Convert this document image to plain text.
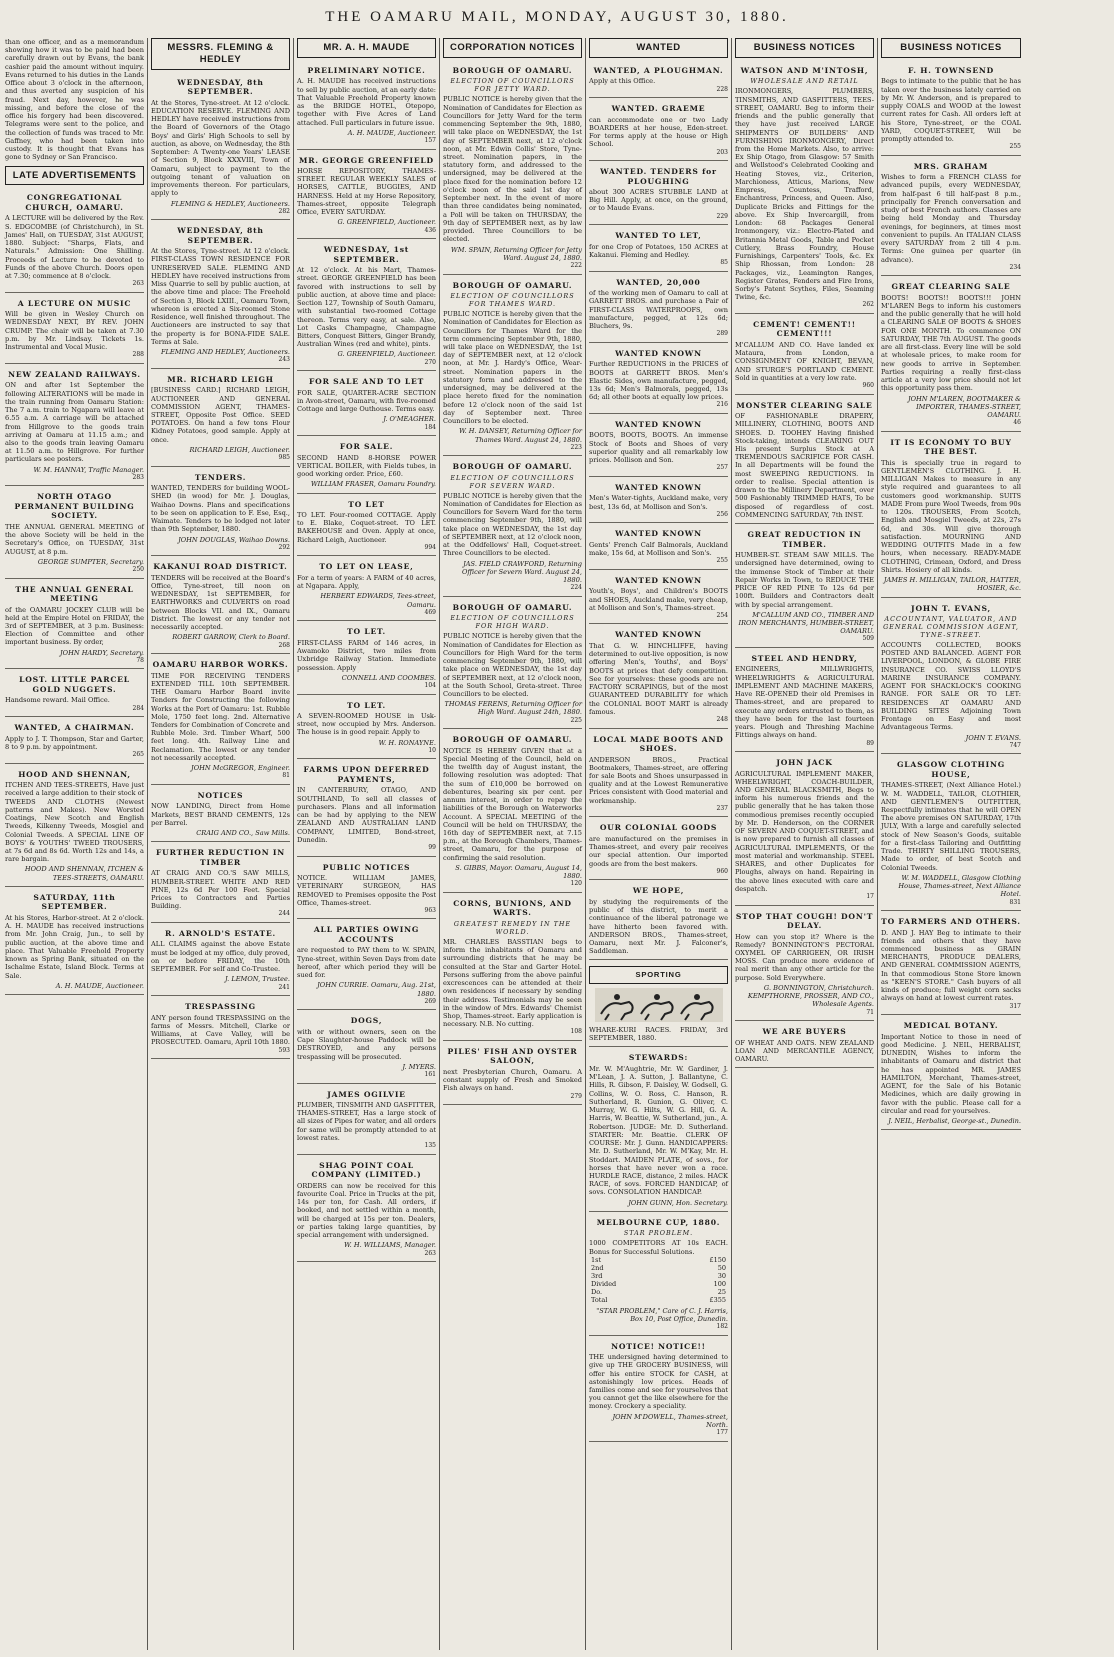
THE OAMARU MAIL, MONDAY, AUGUST 30, 1880.

than one officer, and as a memorandum showing how it was to be paid had been carefully drawn out by Evans, the bank cashier paid the amount without inquiry. Evans returned to his duties in the Lands Office about 3 o'clock in the afternoon, and thus averted any suspicion of his fraud. Next day, however, he was missing, and before the close of the office his forgery had been discovered. Telegrams were sent to the police, and the collection of funds was traced to Mr. Gaffney, who had been taken into custody. It is thought that Evans has gone to Sydney or San Francisco.

LATE ADVERTISEMENTS
CONGREGATIONAL CHURCH, OAMARU.
A LECTURE will be delivered by the Rev. S. EDGCOMBE (of Christchurch), in St. James' Hall, on TUESDAY, 31st AUGUST, 1880. Subject: "Sharps, Flats, and Naturals." Admission: One Shilling. Proceeds of Lecture to be devoted to Funds of the above Church. Doors open at 7.30; commence at 8 o'clock.
263
A LECTURE ON MUSIC
Will be given in Wesley Church on WEDNESDAY NEXT, BY REV. JOHN CRUMP. The chair will be taken at 7.30 p.m. by Mr. Lindsay. Tickets 1s. Instrumental and Vocal Music.
288
NEW ZEALAND RAILWAYS.
ON and after 1st September the following ALTERATIONS will be made in the train running from Oamaru Station: The 7 a.m. train to Ngapara will leave at 6.55 a.m. A carriage will be attached from Hillgrove to the goods train arriving at Oamaru at 11.15 a.m.; and also to the goods train leaving Oamaru at 11.50 a.m. to Hillgrove. For further particulars see posters.
W. M. HANNAY, Traffic Manager.
283
NORTH OTAGO PERMANENT BUILDING SOCIETY.
THE ANNUAL GENERAL MEETING of the above Society will be held in the Secretary's Office, on TUESDAY, 31st AUGUST, at 8 p.m.
GEORGE SUMPTER, Secretary.
250
THE ANNUAL GENERAL MEETING
of the OAMARU JOCKEY CLUB will be held at the Empire Hotel on FRIDAY, the 3rd of SEPTEMBER, at 3 p.m. Business: Election of Committee and other important business. By order,
JOHN HARDY, Secretary.
78
LOST. LITTLE PARCEL GOLD NUGGETS.
Handsome reward. Mail Office.
284
WANTED, A CHAIRMAN.
Apply to J. T. Thompson, Star and Garter, 8 to 9 p.m. by appointment.
265
HOOD AND SHENNAN,
ITCHEN AND TEES-STREETS, Have just received a large addition to their stock of TWEEDS AND CLOTHS (Newest patterns and Makes). New Worsted Coatings, New Scotch and English Tweeds, Kilkenny Tweeds, Mosgiel and Colonial Tweeds. A SPECIAL LINE OF BOYS' & YOUTHS' TWEED TROUSERS, at 7s 6d and 8s 6d. Worth 12s and 14s, a rare bargain.
HOOD AND SHENNAN, ITCHEN & TEES-STREETS, OAMARU.
SATURDAY, 11th SEPTEMBER.
At his Stores, Harbor-street. At 2 o'clock. A. H. MAUDE has received instructions from Mr. John Craig, Jun., to sell by public auction, at the above time and place. That Valuable Freehold Property known as Spring Bank, situated on the Ischalme Estate, Island Block. Terms at Sale.
A. H. MAUDE, Auctioneer.
MESSRS. FLEMING & HEDLEY
WEDNESDAY, 8th SEPTEMBER.
At the Stores, Tyne-street. At 12 o'clock. EDUCATION RESERVE. FLEMING AND HEDLEY have received instructions from the Board of Governors of the Otago Boys' and Girls' High Schools to sell by auction, as above, on Wednesday, the 8th September: A Twenty-one Years' LEASE of Section 9, Block XXXVIII, Town of Oamaru, subject to payment to the outgoing tenant of valuation on improvements thereon. For particulars, apply to
FLEMING & HEDLEY, Auctioneers.
282
WEDNESDAY, 8th SEPTEMBER.
At the Stores, Tyne-street. At 12 o'clock. FIRST-CLASS TOWN RESIDENCE FOR UNRESERVED SALE. FLEMING AND HEDLEY have received instructions from Miss Quarrie to sell by public auction, at the above time and place: The Freehold of Section 3, Block LXIII., Oamaru Town, whereon is erected a Six-roomed Stone Residence, well finished throughout. The Auctioneers are instructed to say that the property is for BONA-FIDE SALE. Terms at Sale.
FLEMING AND HEDLEY, Auctioneers.
243
MR. RICHARD LEIGH
[BUSINESS CARD.] RICHARD LEIGH, AUCTIONEER AND GENERAL COMMISSION AGENT, THAMES-STREET, Opposite Post Office. SEED POTATOES. On hand a few tons Flour Kidney Potatoes, good sample. Apply at once.
RICHARD LEIGH, Auctioneer.
985
TENDERS.
WANTED, TENDERS for building WOOL-SHED (in wood) for Mr. J. Douglas, Waihao Downs. Plans and specifications to be seen on application to F. Ese, Esq., Waimate. Tenders to be lodged not later than 9th September, 1880.
JOHN DOUGLAS, Waihao Downs.
292
KAKANUI ROAD DISTRICT.
TENDERS will be received at the Board's Office, Tyne-street, till noon on WEDNESDAY, 1st SEPTEMBER, for EARTHWORKS and CULVERTS on road between Blocks VII. and IX., Oamaru District. The lowest or any tender not necessarily accepted.
ROBERT GARROW, Clerk to Board.
268
OAMARU HARBOR WORKS.
TIME FOR RECEIVING TENDERS EXTENDED TILL 10th SEPTEMBER. THE Oamaru Harbor Board invite Tenders for Constructing the following Works at the Port of Oamaru: 1st. Rubble Mole, 1750 feet long. 2nd. Alternative Tenders for Combination of Concrete and Rubble Mole. 3rd. Timber Wharf, 500 feet long. 4th. Railway Line and Reclamation. The lowest or any tender not necessarily accepted.
JOHN McGREGOR, Engineer.
81
NOTICES
NOW LANDING, Direct from Home Markets, BEST BRAND CEMENTS, 12s per Barrel.
CRAIG AND CO., Saw Mills.
FURTHER REDUCTION IN TIMBER
AT CRAIG AND CO.'S SAW MILLS, HUMBER-STREET. WHITE AND RED PINE, 12s 6d Per 100 Feet. Special Prices to Contractors and Parties Building.
244
R. ARNOLD'S ESTATE.
ALL CLAIMS against the above Estate must be lodged at my office, duly proved, on or before FRIDAY, the 10th SEPTEMBER. For self and Co-Trustee.
J. LEMON, Trustee.
241
TRESPASSING
ANY person found TRESPASSING on the farms of Messrs. Mitchell, Clarke or Williams, at Cave Valley, will be PROSECUTED. Oamaru, April 10th 1880.
593
MR. A. H. MAUDE
PRELIMINARY NOTICE.
A. H. MAUDE has received instructions to sell by public auction, at an early date: That Valuable Freehold Property known as the BRIDGE HOTEL, Otepopo, together with Five Acres of Land attached. Full particulars in future issue.
A. H. MAUDE, Auctioneer.
157
MR. GEORGE GREENFIELD
HORSE REPOSITORY, THAMES-STREET. REGULAR WEEKLY SALES of HORSES, CATTLE, BUGGIES, AND HARNESS. Held at my Horse Repository, Thames-street, opposite Telegraph Office, EVERY SATURDAY.
G. GREENFIELD, Auctioneer.
436
WEDNESDAY, 1st SEPTEMBER.
At 12 o'clock. At his Mart, Thames-street. GEORGE GREENFIELD has been favored with instructions to sell by public auction, at above time and place: Section 127, Township of South Oamaru, with substantial two-roomed Cottage thereon. Terms very easy, at sale. Also, Lot Casks Champagne, Champagne Bitters, Conquest Bitters, Ginger Brandy, Australian Wines (red and white), pints.
G. GREENFIELD, Auctioneer.
270
FOR SALE AND TO LET
FOR SALE, QUARTER-ACRE SECTION in Avon-street, Oamaru, with five-roomed Cottage and large Outhouse. Terms easy.
J. O'MEAGHER.
184
FOR SALE.
SECOND HAND 8-HORSE POWER VERTICAL BOILER, with Fields tubes, in good working order. Price, £60.
WILLIAM FRASER, Oamaru Foundry.
TO LET
TO LET. Four-roomed COTTAGE. Apply to E. Blake, Coquet-street. TO LET. BAKEHOUSE and Oven. Apply at once, Richard Leigh, Auctioneer.
994
TO LET ON LEASE,
For a term of years: A FARM of 40 acres, at Ngapara. Apply,
HERBERT EDWARDS, Tees-street, Oamaru.
469
TO LET.
FIRST-CLASS FARM of 146 acres, in Awamoko District, two miles from Uxbridge Railway Station. Immediate possession. Apply
CONNELL AND COOMBES.
104
TO LET.
A SEVEN-ROOMED HOUSE in Usk-street, now occupied by Mrs. Anderson. The house is in good repair. Apply to
W. H. RONAYNE.
10
FARMS UPON DEFERRED PAYMENTS,
IN CANTERBURY, OTAGO, AND SOUTHLAND, To sell all classes of purchasers. Plans and all information can be had by applying to the NEW ZEALAND AND AUSTRALIAN LAND COMPANY, LIMITED, Bond-street, Dunedin.
99
PUBLIC NOTICES
NOTICE. WILLIAM JAMES, VETERINARY SURGEON, HAS REMOVED to Premises opposite the Post Office, Thames-street.
963
ALL PARTIES OWING ACCOUNTS
are requested to PAY them to W. SPAIN, Tyne-street, within Seven Days from date hereof, after which period they will be sued for.
JOHN CURRIE. Oamaru, Aug. 21st, 1880.
269
DOGS,
with or without owners, seen on the Cape Slaughter-house Paddock will be DESTROYED, and any persons trespassing will be prosecuted.
J. MYERS.
161
JAMES OGILVIE
PLUMBER, TINSMITH AND GASFITTER, THAMES-STREET, Has a large stock of all sizes of Pipes for water, and all orders for same will be promptly attended to at lowest rates.
135
SHAG POINT COAL COMPANY (LIMITED.)
ORDERS can now be received for this favourite Coal. Price in Trucks at the pit, 14s per ton, for Cash. All orders, if booked, and not settled within a month, will be charged at 15s per ton. Dealers, or parties taking large quantities, by special arrangement with undersigned.
W. H. WILLIAMS, Manager.
263
CORPORATION NOTICES
BOROUGH OF OAMARU.
ELECTION OF COUNCILLORS FOR JETTY WARD.
PUBLIC NOTICE is hereby given that the Nomination of Candidates for Election as Councillors for Jetty Ward for the term commencing September the 9th, 1880, will take place on WEDNESDAY, the 1st day of SEPTEMBER next, at 12 o'clock noon, at Mr. Edwin Collis' Store, Tyne-street. Nomination papers, in the statutory form, and addressed to the undersigned, may be delivered at the place fixed for the nomination before 12 o'clock noon of the said 1st day of September next. In the event of more than three candidates being nominated, a Poll will be taken on THURSDAY, the 9th day of SEPTEMBER next, as by law provided. Three Councillors to be elected.
WM. SPAIN, Returning Officer for Jetty Ward. August 24, 1880.
222
BOROUGH OF OAMARU.
ELECTION OF COUNCILLORS FOR THAMES WARD.
PUBLIC NOTICE is hereby given that the Nomination of Candidates for Election as Councillors for Thames Ward for the term commencing September 9th, 1880, will take place on WEDNESDAY, the 1st day of SEPTEMBER next, at 12 o'clock noon, at Mr. J. Hardy's Office, Wear-street. Nomination papers in the statutory form and addressed to the undersigned, may be delivered at the place hereto fixed for the nomination before 12 o'clock noon of the said 1st day of September next. Three Councillors to be elected.
W. H. DANSEY, Returning Officer for Thames Ward. August 24, 1880.
223
BOROUGH OF OAMARU.
ELECTION OF COUNCILLORS FOR SEVERN WARD.
PUBLIC NOTICE is hereby given that the Nomination of Candidates for Election as Councillors for Severn Ward for the term commencing September 9th, 1880, will take place on WEDNESDAY, the 1st day of SEPTEMBER next, at 12 o'clock noon, at the Oddfellows' Hall, Coquet-street. Three Councillors to be elected.
JAS. FIELD CRAWFORD, Returning Officer for Severn Ward. August 24, 1880.
224
BOROUGH OF OAMARU.
ELECTION OF COUNCILLORS FOR HIGH WARD.
PUBLIC NOTICE is hereby given that the Nomination of Candidates for Election as Councillors for High Ward for the term commencing September 9th, 1880, will take place on WEDNESDAY, the 1st day of SEPTEMBER next, at 12 o'clock noon, at the South School, Greta-street. Three Councillors to be elected.
THOMAS FERENS, Returning Officer for High Ward. August 24th, 1880.
225
BOROUGH OF OAMARU.
NOTICE IS HEREBY GIVEN that at a Special Meeting of the Council, held on the twelfth day of August instant, the following resolution was adopted: That the sum of £10,000 be borrowed on debentures, bearing six per cent. per annum interest, in order to repay the liabilities of the Borough on Waterworks Account. A SPECIAL MEETING of the Council will be held on THURSDAY, the 16th day of SEPTEMBER next, at 7.15 p.m., at the Borough Chambers, Thames-street, Oamaru, for the purpose of confirming the said resolution.
S. GIBBS, Mayor. Oamaru, August 14, 1880.
120
CORNS, BUNIONS, AND WARTS.
GREATEST REMEDY IN THE WORLD.
MR. CHARLES BASSTIAN begs to inform the inhabitants of Oamaru and surrounding districts that he may be consulted at the Star and Garter Hotel. Persons suffering from the above painful excrescences can be attended at their own residences if necessary by sending their address. Testimonials may be seen in the window of Mrs. Edwards' Chemist Shop, Thames-street. Early application is necessary. N.B. No cutting.
108
PILES' FISH AND OYSTER SALOON,
next Presbyterian Church, Oamaru. A constant supply of Fresh and Smoked Fish always on hand.
279
WANTED
WANTED, A PLOUGHMAN.
Apply at this Office.
228
WANTED. GRAEME
can accommodate one or two Lady BOARDERS at her house, Eden-street. For terms apply at the house or High School.
203
WANTED. TENDERS for PLOUGHING
about 300 ACRES STUBBLE LAND at Big Hill. Apply, at once, on the ground, or to Maude Evans.
229
WANTED TO LET,
for one Crop of Potatoes, 150 ACRES at Kakanui. Fleming and Hedley.
85
WANTED, 20,000
of the working men of Oamaru to call at GARRETT BROS. and purchase a Pair of FIRST-CLASS WATERPROOFS, own manufacture, pegged, at 12s 6d; Bluchers, 9s.
289
WANTED KNOWN
Further REDUCTIONS in the PRICES of BOOTS at GARRETT BROS. Men's Elastic Sides, own manufacture, pegged, 13s 6d; Men's Balmorals, pegged, 13s 6d; all other boots at equally low prices.
216
WANTED KNOWN
BOOTS, BOOTS, BOOTS. An immense Stock of Boots and Shoes of very superior quality and all remarkably low prices. Mollison and Son.
257
WANTED KNOWN
Men's Water-tights, Auckland make, very best, 13s 6d, at Mollison and Son's.
256
WANTED KNOWN
Gents' French Calf Balmorals, Auckland make, 15s 6d, at Mollison and Son's.
255
WANTED KNOWN
Youth's, Boys', and Children's BOOTS and SHOES, Auckland make, very cheap, at Mollison and Son's, Thames-street.
254
WANTED KNOWN
That G. W. HINCHLIFFE, having determined to out-live opposition, is now offering Men's, Youths', and Boys' BOOTS at prices that defy competition. See for yourselves: these goods are not FACTORY SCRAPINGS, but of the most GUARANTEED DURABILITY for which the COLONIAL BOOT MART is already famous.
248
LOCAL MADE BOOTS AND SHOES.
ANDERSON BROS., Practical Bootmakers, Thames-street, are offering for sale Boots and Shoes unsurpassed in quality and at the Lowest Remunerative Prices consistent with Good material and workmanship.
237
OUR COLONIAL GOODS
are manufactured on the premises in Thames-street, and every pair receives our special attention. Our imported goods are from the best makers.
960
WE HOPE,
by studying the requirements of the public of this district, to merit a continuance of the liberal patronage we have hitherto been favored with. ANDERSON BROS., Thames-street, Oamaru, next Mr. J. Falconer's, Saddleman.
SPORTING
WHARE-KURI RACES. FRIDAY, 3rd SEPTEMBER, 1880.
STEWARDS:
Mr. W. M'Aughtrie, Mr. W. Gardiner, J. M'Lean, J. A. Sutton, J. Ballantyne, C. Hills, R. Gibson, F. Daisley, W. Godsell, G. Collins, W. O. Ross, C. Hanson, R. Sutherland, R. Gunion, G. Oliver, C. Murray, W. G. Hilts, W. G. Hill, G. A. Harris, W. Beattie, W. Sutherland, jun., A. Robertson. JUDGE: Mr. D. Sutherland. STARTER: Mr. Beattie. CLERK OF COURSE: Mr. J. Gunn. HANDICAPPERS: Mr. D. Sutherland, Mr. W. M'Kay, Mr. H. Stoddart. MAIDEN PLATE, of sovs., for horses that have never won a race. HURDLE RACE, distance, 2 miles. HACK RACE, of sovs. FORCED HANDICAP, of sovs. CONSOLATION HANDICAP.
JOHN GUNN, Hon. Secretary.
MELBOURNE CUP, 1880.
STAR PROBLEM.
1000 COMPETITORS AT 10s EACH. Bonus for Successful Solutions.
1st	£150
2nd	50
3rd	30
Divided	100
Do.	25
Total	£355
"STAR PROBLEM," Care of C. J. Harris, Box 10, Post Office, Dunedin.
182
NOTICE! NOTICE!!
THE undersigned having determined to give up THE GROCERY BUSINESS, will offer his entire STOCK for CASH, at astonishingly low prices. Heads of families come and see for yourselves that you cannot get the like elsewhere for the money. Crockery a speciality.
JOHN M'DOWELL, Thames-street, North.
177
BUSINESS NOTICES
WATSON AND M'INTOSH,
WHOLESALE AND RETAIL
IRONMONGERS, PLUMBERS, TINSMITHS, AND GASFITTERS, TEES-STREET, OAMARU. Beg to inform their friends and the public generally that they have just received LARGE SHIPMENTS OF BUILDERS' AND FURNISHING IRONMONGERY, Direct from the Home Markets. Also, to arrive: Ex Ship Otago, from Glasgow: 57 Smith and Wellstood's Celebrated Cooking and Heating Stoves, viz., Criterion, Marchioness, Atticus, Marions, New Empress, Countess, Trafford, Enchantress, Princess, and Queen. Also, Duplicate Bricks and Fittings for the above. Ex Ship Invercargill, from London: 68 Packages General Ironmongery, viz.: Electro-Plated and Britannia Metal Goods, Table and Pocket Cutlery, Brass Foundry, House Furnishings, Carpenters' Tools, &c. Ex Ship Rhossan, from London: 28 Packages, viz., Leamington Ranges, Register Grates, Fenders and Fire Irons, Sorby's Patent Scythes, Files, Seaming Twine, &c.
262
CEMENT! CEMENT!! CEMENT!!!
M'CALLUM AND CO. Have landed ex Mataura, from London, a CONSIGNMENT OF KNIGHT, BEVAN, AND STURGE'S PORTLAND CEMENT. Sold in quantities at a very low rate.
960
MONSTER CLEARING SALE
OF FASHIONABLE DRAPERY, MILLINERY, CLOTHING, BOOTS AND SHOES. D. TOOHEY Having finished Stock-taking, intends CLEARING OUT His present Surplus Stock at A TREMENDOUS SACRIFICE FOR CASH. In all Departments will be found the most SWEEPING REDUCTIONS. In order to realise. Special attention is drawn to the Millinery Department, over 500 Fashionably TRIMMED HATS, To be disposed of regardless of cost. COMMENCING SATURDAY, 7th INST.
GREAT REDUCTION IN TIMBER.
HUMBER-ST. STEAM SAW MILLS. The undersigned have determined, owing to the immense Stock of Timber at their Repair Works in Town, to REDUCE THE PRICE OF RED PINE To 12s 6d per 100ft. Builders and Contractors dealt with by special arrangement.
M'CALLUM AND CO., TIMBER AND IRON MERCHANTS, HUMBER-STREET, OAMARU.
509
STEEL AND HENDRY,
ENGINEERS, MILLWRIGHTS, WHEELWRIGHTS & AGRICULTURAL IMPLEMENT AND MACHINE MAKERS, Have RE-OPENED their old Premises in Thames-street, and are prepared to execute any orders entrusted to them, as they have been for the last fourteen years. Plough and Threshing Machine Fittings always on hand.
89
JOHN JACK
AGRICULTURAL IMPLEMENT MAKER, WHEELWRIGHT, COACH-BUILDER, AND GENERAL BLACKSMITH, Begs to inform his numerous friends and the public generally that he has taken those commodious premises recently occupied by Mr. D. Henderson, on the CORNER OF SEVERN AND COQUET-STREET, and is now prepared to furnish all classes of AGRICULTURAL IMPLEMENTS, Of the most material and workmanship. STEEL SHARES, and other Duplicates for Ploughs, always on hand. Repairing in the above lines executed with care and despatch.
17
STOP THAT COUGH! DON'T DELAY.
How can you stop it? Where is the Remedy? BONNINGTON'S PECTORAL OXYMEL OF CARRIGEEN, OR IRISH MOSS. Can produce more evidence of real merit than any other article for the purpose. Sold Everywhere.
G. BONNINGTON, Christchurch. KEMPTHORNE, PROSSER, AND CO., Wholesale Agents.
71
WE ARE BUYERS
OF WHEAT AND OATS. NEW ZEALAND LOAN AND MERCANTILE AGENCY, OAMARU.
BUSINESS NOTICES
F. H. TOWNSEND
Begs to intimate to the public that he has taken over the business lately carried on by Mr. W. Anderson, and is prepared to supply COALS and WOOD at the lowest current rates for Cash. All orders left at his Store, Tyne-street, or the COAL YARD, COQUET-STREET, Will be promptly attended to.
255
MRS. GRAHAM
Wishes to form a FRENCH CLASS for advanced pupils, every WEDNESDAY, from half-past 6 till half-past 8 p.m., principally for French conversation and study of best French authors. Classes are being held Monday and Thursday evenings, for beginners, at times most convenient to pupils. An ITALIAN CLASS every SATURDAY from 2 till 4 p.m. Terms: One guinea per quarter (in advance).
234
GREAT CLEARING SALE
BOOTS! BOOTS!! BOOTS!!! JOHN M'LAREN Begs to inform his customers and the public generally that he will hold a CLEARING SALE OF BOOTS & SHOES FOR ONE MONTH. To commence ON SATURDAY, THE 7th AUGUST. The goods are all first-class. Every line will be sold at wholesale prices, to make room for new goods to arrive in September. Parties requiring a really first-class article at a very low price should not let this opportunity pass them.
JOHN M'LAREN, BOOTMAKER & IMPORTER, THAMES-STREET, OAMARU.
46
IT IS ECONOMY TO BUY THE BEST.
This is specially true in regard to GENTLEMEN'S CLOTHING. J. H. MILLIGAN Makes to measure in any style required and guarantees to all customers good workmanship. SUITS MADE From pure Wool Tweeds, from 90s to 120s. TROUSERS, From Scotch, English and Mosgiel Tweeds, at 22s, 27s 6d, and 30s. Will give thorough satisfaction. MOURNING AND WEDDING OUTFITS Made in a few hours, when necessary. READY-MADE CLOTHING, Crimean, Oxford, and Dress Shirts. Hosiery of all kinds.
JAMES H. MILLIGAN, TAILOR, HATTER, HOSIER, &c.
JOHN T. EVANS,
ACCOUNTANT, VALUATOR, AND GENERAL COMMISSION AGENT, TYNE-STREET.
ACCOUNTS COLLECTED, BOOKS POSTED AND BALANCED. AGENT FOR LIVERPOOL, LONDON, & GLOBE FIRE INSURANCE CO. SWISS LLOYD'S MARINE INSURANCE COMPANY. AGENT FOR SHACKLOCK'S COOKING RANGE. FOR SALE OR TO LET: RESIDENCES AT OAMARU AND BUILDING SITES Adjoining Town Frontage on Easy and most Advantageous Terms.
JOHN T. EVANS.
747
GLASGOW CLOTHING HOUSE,
THAMES-STREET, (Next Alliance Hotel.) W. M. WADDELL, TAILOR, CLOTHIER, AND GENTLEMEN'S OUTFITTER, Respectfully intimates that he will OPEN The above premises ON SATURDAY, 17th JULY, With a large and carefully selected stock of New Season's Goods, suitable for a first-class Tailoring and Outfitting Trade. THIRTY SHILLING TROUSERS, Made to order, of best Scotch and Colonial Tweeds.
W. M. WADDELL, Glasgow Clothing House, Thames-street, Next Alliance Hotel.
831
TO FARMERS AND OTHERS.
D. AND J. HAY Beg to intimate to their friends and others that they have commenced business as GRAIN MERCHANTS, PRODUCE DEALERS, AND GENERAL COMMISSION AGENTS, In that commodious Stone Store known as "KEEN'S STORE." Cash buyers of all kinds of produce; full weight corn sacks always on hand at lowest current rates.
317
MEDICAL BOTANY.
Important Notice to those in need of good Medicine. J. NEIL, HERBALIST, DUNEDIN, Wishes to inform the inhabitants of Oamaru and district that he has appointed MR. JAMES HAMILTON, Merchant, Thames-street, AGENT, for the Sale of his Botanic Medicines, which are daily growing in favor with the public. Please call for a circular and read for yourselves.
J. NEIL, Herbalist, George-st., Dunedin.
